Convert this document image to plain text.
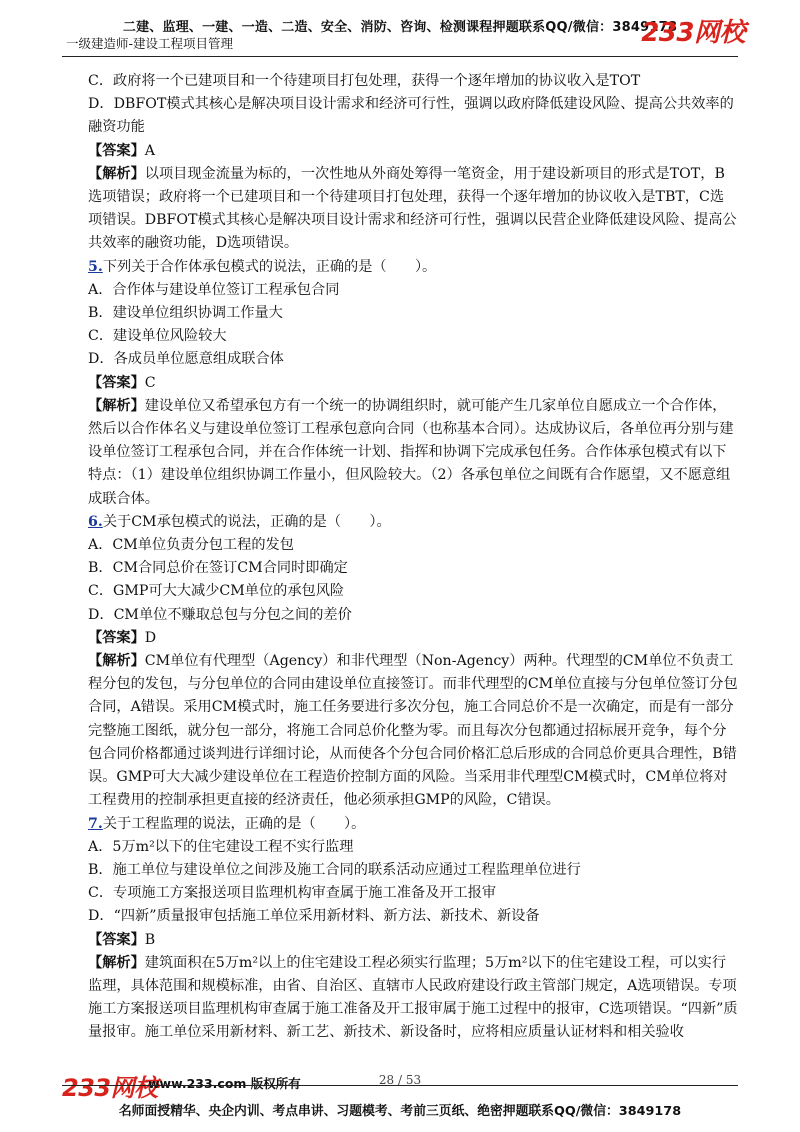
二建、监理、一建、一造、二造、安全、消防、咨询、检测课程押题联系QQ/微信：3849178
一级建造师-建设工程项目管理	233网校

C．政府将一个已建项目和一个待建项目打包处理，获得一个逐年增加的协议收入是TOT

D．DBFOT模式其核心是解决项目设计需求和经济可行性，强调以政府降低建设风险、提高公共效率的融资功能

【答案】A

【解析】以项目现金流量为标的，一次性地从外商处筹得一笔资金，用于建设新项目的形式是TOT，B选项错误；政府将一个已建项目和一个待建项目打包处理，获得一个逐年增加的协议收入是TBT，C选项错误。DBFOT模式其核心是解决项目设计需求和经济可行性，强调以民营企业降低建设风险、提高公共效率的融资功能，D选项错误。

5.下列关于合作体承包模式的说法，正确的是（　　）。

A．合作体与建设单位签订工程承包合同

B．建设单位组织协调工作量大

C．建设单位风险较大

D．各成员单位愿意组成联合体

【答案】C

【解析】建设单位又希望承包方有一个统一的协调组织时，就可能产生几家单位自愿成立一个合作体，然后以合作体名义与建设单位签订工程承包意向合同（也称基本合同）。达成协议后，各单位再分别与建设单位签订工程承包合同，并在合作体统一计划、指挥和协调下完成承包任务。合作体承包模式有以下特点：（1）建设单位组织协调工作量小，但风险较大。（2）各承包单位之间既有合作愿望，又不愿意组成联合体。

6.关于CM承包模式的说法，正确的是（　　）。

A．CM单位负责分包工程的发包

B．CM合同总价在签订CM合同时即确定

C．GMP可大大减少CM单位的承包风险

D．CM单位不赚取总包与分包之间的差价

【答案】D

【解析】CM单位有代理型（Agency）和非代理型（Non-Agency）两种。代理型的CM单位不负责工程分包的发包，与分包单位的合同由建设单位直接签订。而非代理型的CM单位直接与分包单位签订分包合同，A错误。采用CM模式时，施工任务要进行多次分包，施工合同总价不是一次确定，而是有一部分完整施工图纸，就分包一部分，将施工合同总价化整为零。而且每次分包都通过招标展开竞争，每个分包合同价格都通过谈判进行详细讨论，从而使各个分包合同价格汇总后形成的合同总价更具合理性，B错误。GMP可大大减少建设单位在工程造价控制方面的风险。当采用非代理型CM模式时，CM单位将对工程费用的控制承担更直接的经济责任，他必须承担GMP的风险，C错误。

7.关于工程监理的说法，正确的是（　　）。

A．5万m²以下的住宅建设工程不实行监理

B．施工单位与建设单位之间涉及施工合同的联系活动应通过工程监理单位进行

C．专项施工方案报送项目监理机构审查属于施工准备及开工报审

D．“四新”质量报审包括施工单位采用新材料、新方法、新技术、新设备

【答案】B

【解析】建筑面积在5万m²以上的住宅建设工程必须实行监理；5万m²以下的住宅建设工程，可以实行监理，具体范围和规模标准，由省、自治区、直辖市人民政府建设行政主管部门规定，A选项错误。专项施工方案报送项目监理机构审查属于施工准备及开工报审属于施工过程中的报审，C选项错误。“四新”质量报审。施工单位采用新材料、新工艺、新技术、新设备时，应将相应质量认证材料和相关验收

233网校
www.233.com 版权所有	28 / 53
名师面授精华、央企内训、考点串讲、习题模考、考前三页纸、绝密押题联系QQ/微信：3849178
